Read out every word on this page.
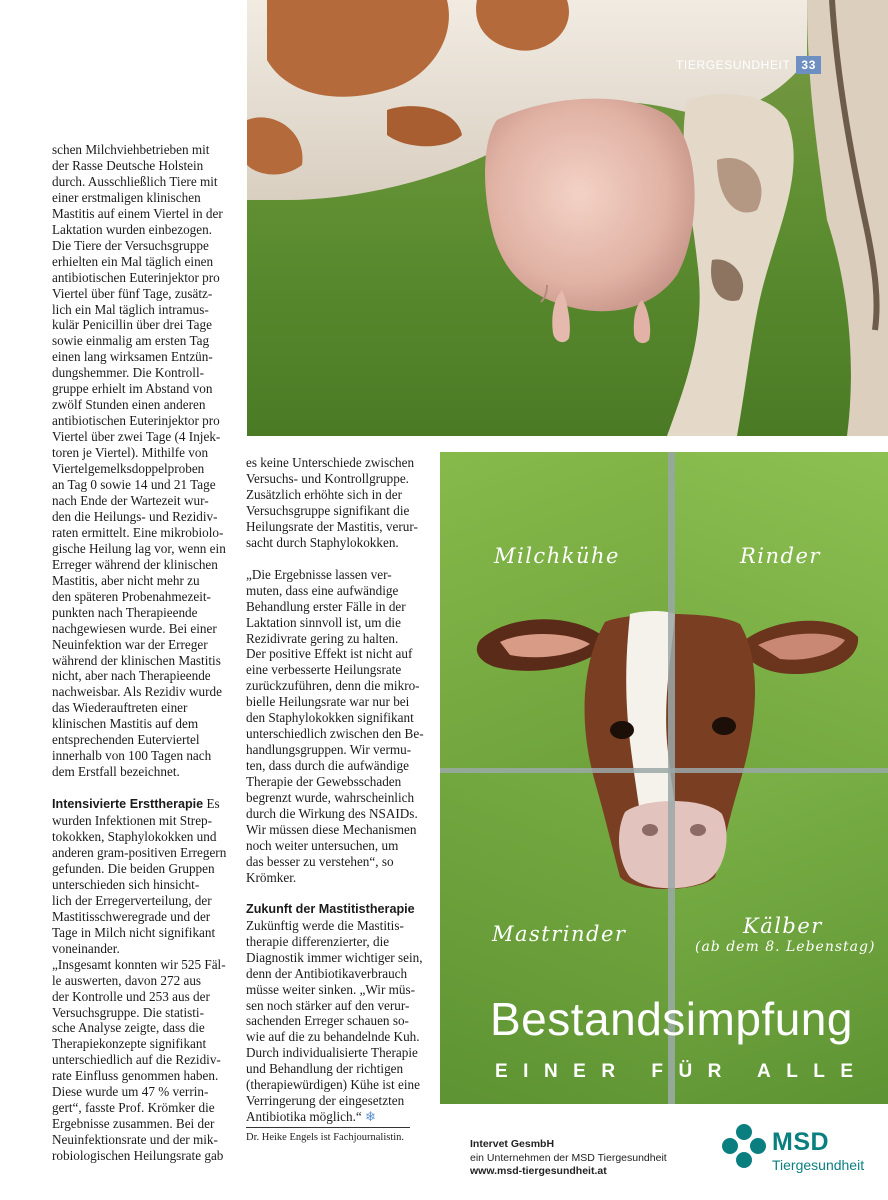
TIERGESUNDHEIT 33

schen Milchviehbetrieben mit
der Rasse Deutsche Holstein
durch. Ausschließlich Tiere mit
einer erstmaligen klinischen
Mastitis auf einem Viertel in der
Laktation wurden einbezogen.
Die Tiere der Versuchsgruppe
erhielten ein Mal täglich einen
antibiotischen Euterinjektor pro
Viertel über fünf Tage, zusätz-
lich ein Mal täglich intramus-
kulär Penicillin über drei Tage
sowie einmalig am ersten Tag
einen lang wirksamen Entzün-
dungshemmer. Die Kontroll-
gruppe erhielt im Abstand von
zwölf Stunden einen anderen
antibiotischen Euterinjektor pro
Viertel über zwei Tage (4 Injek-
toren je Viertel). Mithilfe von
Viertelgemelksdoppelproben
an Tag 0 sowie 14 und 21 Tage
nach Ende der Wartezeit wur-
den die Heilungs- und Rezidiv-
raten ermittelt. Eine mikrobiolo-
gische Heilung lag vor, wenn ein
Erreger während der klinischen
Mastitis, aber nicht mehr zu
den späteren Probenahmezeit-
punkten nach Therapieende
nachgewiesen wurde. Bei einer
Neuinfektion war der Erreger
während der klinischen Mastitis
nicht, aber nach Therapieende
nachweisbar. Als Rezidiv wurde
das Wiederauftreten einer
klinischen Mastitis auf dem
entsprechenden Euterviertel
innerhalb von 100 Tagen nach
dem Erstfall bezeichnet.

Intensivierte Ersttherapie Es
wurden Infektionen mit Strep-
tokokken, Staphylokokken und
anderen gram-positiven Erregern
gefunden. Die beiden Gruppen
unterschieden sich hinsicht-
lich der Erregerverteilung, der
Mastitisschweregrade und der
Tage in Milch nicht signifikant
voneinander.

„Insgesamt konnten wir 525 Fäl-
le auswerten, davon 272 aus
der Kontrolle und 253 aus der
Versuchsgruppe. Die statisti-
sche Analyse zeigte, dass die
Therapiekonzepte signifikant
unterschiedlich auf die Rezidiv-
rate Einfluss genommen haben.
Diese wurde um 47 % verrin-
gert“, fasste Prof. Krömker die
Ergebnisse zusammen. Bei der
Neuinfektionsrate und der mik-
robiologischen Heilungsrate gab

es keine Unterschiede zwischen
Versuchs- und Kontrollgruppe.
Zusätzlich erhöhte sich in der
Versuchsgruppe signifikant die
Heilungsrate der Mastitis, verur-
sacht durch Staphylokokken.

„Die Ergebnisse lassen ver-
muten, dass eine aufwändige
Behandlung erster Fälle in der
Laktation sinnvoll ist, um die
Rezidivrate gering zu halten.
Der positive Effekt ist nicht auf
eine verbesserte Heilungsrate
zurückzuführen, denn die mikro-
bielle Heilungsrate war nur bei
den Staphylokokken signifikant
unterschiedlich zwischen den Be-
handlungsgruppen. Wir vermu-
ten, dass durch die aufwändige
Therapie der Gewebsschaden
begrenzt wurde, wahrscheinlich
durch die Wirkung des NSAIDs.
Wir müssen diese Mechanismen
noch weiter untersuchen, um
das besser zu verstehen“, so
Krömker.

Zukunft der Mastitistherapie

Zukünftig werde die Mastitis-
therapie differenzierter, die
Diagnostik immer wichtiger sein,
denn der Antibiotikaverbrauch
müsse weiter sinken. „Wir müs-
sen noch stärker auf den verur-
sachenden Erreger schauen so-
wie auf die zu behandelnde Kuh.
Durch individualisierte Therapie
und Behandlung der richtigen
(therapiewürdigen) Kühe ist eine
Verringerung der eingesetzten
Antibiotika möglich.“ ❄

Dr. Heike Engels ist Fachjournalistin.
Milchkühe	Rinder
Mastrinder	Kälber
(ab dem 8. Lebenstag)
Bestandsimpfung
EINER FÜR ALLE
Intervet GesmbH
ein Unternehmen der MSD Tiergesundheit
www.msd-tiergesundheit.at
MSD
Tiergesundheit
